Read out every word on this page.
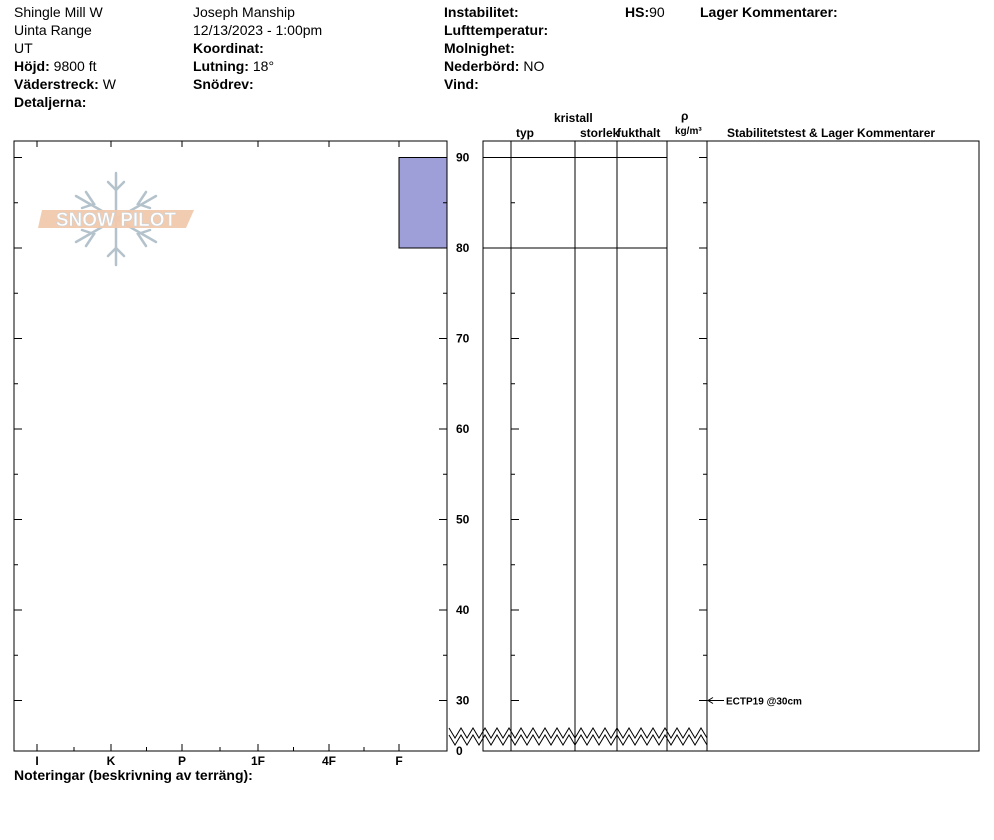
Shingle Mill W
Uinta Range
UT
Höjd: 9800 ft
Väderstreck: W
Detaljerna:
Joseph Manship
12/13/2023 - 1:00pm
Koordinat:
Lutning: 18°
Snödrev:
Instabilitet:
Lufttemperatur:
Molnighet:
Nederbörd: NO
Vind:
HS:90	Lager Kommentarer:
kristall
typ	storlek
fukthalt
ρ
kg/m³ Stabilitetstest & Lager Kommentarer
SNOW PILOT
0
30
40
50
60
70
80
90
I	K	P	1F	4F	F
ECTP19 @30cm
Noteringar (beskrivning av terräng):
